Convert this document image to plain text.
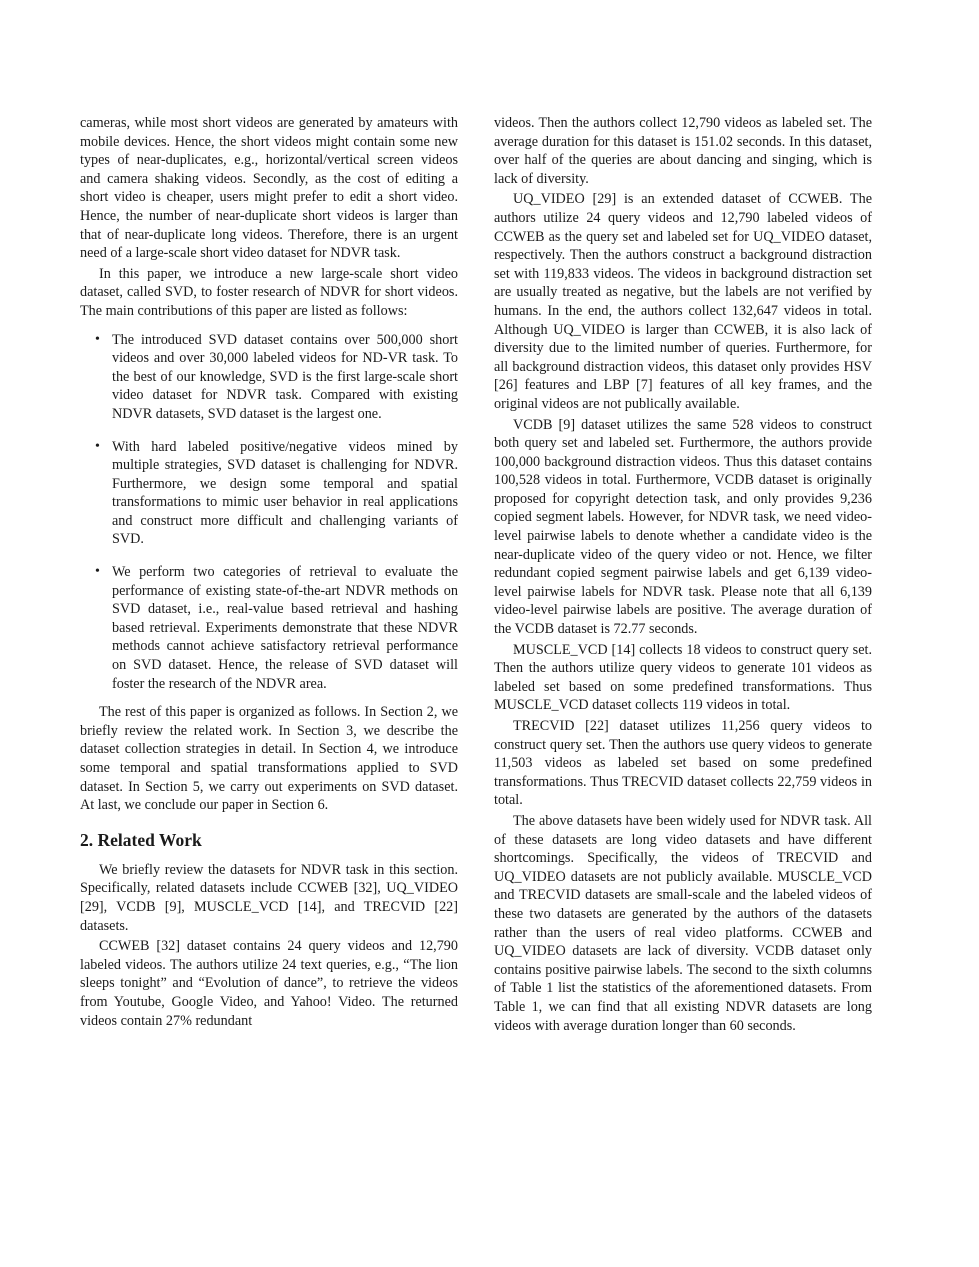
cameras, while most short videos are generated by amateurs with mobile devices. Hence, the short videos might contain some new types of near-duplicates, e.g., horizontal/vertical screen videos and camera shaking videos. Secondly, as the cost of editing a short video is cheaper, users might prefer to edit a short video. Hence, the number of near-duplicate short videos is larger than that of near-duplicate long videos. Therefore, there is an urgent need of a large-scale short video dataset for NDVR task.

In this paper, we introduce a new large-scale short video dataset, called SVD, to foster research of NDVR for short videos. The main contributions of this paper are listed as follows:

• The introduced SVD dataset contains over 500,000 short videos and over 30,000 labeled videos for ND-VR task. To the best of our knowledge, SVD is the first large-scale short video dataset for NDVR task. Compared with existing NDVR datasets, SVD dataset is the largest one.
• With hard labeled positive/negative videos mined by multiple strategies, SVD dataset is challenging for NDVR. Furthermore, we design some temporal and spatial transformations to mimic user behavior in real applications and construct more difficult and challenging variants of SVD.
• We perform two categories of retrieval to evaluate the performance of existing state-of-the-art NDVR methods on SVD dataset, i.e., real-value based retrieval and hashing based retrieval. Experiments demonstrate that these NDVR methods cannot achieve satisfactory retrieval performance on SVD dataset. Hence, the release of SVD dataset will foster the research of the NDVR area.

The rest of this paper is organized as follows. In Section 2, we briefly review the related work. In Section 3, we describe the dataset collection strategies in detail. In Section 4, we introduce some temporal and spatial transformations applied to SVD dataset. In Section 5, we carry out experiments on SVD dataset. At last, we conclude our paper in Section 6.

2. Related Work

We briefly review the datasets for NDVR task in this section. Specifically, related datasets include CCWEB [32], UQ_VIDEO [29], VCDB [9], MUSCLE_VCD [14], and TRECVID [22] datasets.

CCWEB [32] dataset contains 24 query videos and 12,790 labeled videos. The authors utilize 24 text queries, e.g., “The lion sleeps tonight” and “Evolution of dance”, to retrieve the videos from Youtube, Google Video, and Yahoo! Video. The returned videos contain 27% redundant

videos. Then the authors collect 12,790 videos as labeled set. The average duration for this dataset is 151.02 seconds. In this dataset, over half of the queries are about dancing and singing, which is lack of diversity.

UQ_VIDEO [29] is an extended dataset of CCWEB. The authors utilize 24 query videos and 12,790 labeled videos of CCWEB as the query set and labeled set for UQ_VIDEO dataset, respectively. Then the authors construct a background distraction set with 119,833 videos. The videos in background distraction set are usually treated as negative, but the labels are not verified by humans. In the end, the authors collect 132,647 videos in total. Although UQ_VIDEO is larger than CCWEB, it is also lack of diversity due to the limited number of queries. Furthermore, for all background distraction videos, this dataset only provides HSV [26] features and LBP [7] features of all key frames, and the original videos are not publically available.

VCDB [9] dataset utilizes the same 528 videos to construct both query set and labeled set. Furthermore, the authors provide 100,000 background distraction videos. Thus this dataset contains 100,528 videos in total. Furthermore, VCDB dataset is originally proposed for copyright detection task, and only provides 9,236 copied segment labels. However, for NDVR task, we need video-level pairwise labels to denote whether a candidate video is the near-duplicate video of the query video or not. Hence, we filter redundant copied segment pairwise labels and get 6,139 video-level pairwise labels for NDVR task. Please note that all 6,139 video-level pairwise labels are positive. The average duration of the VCDB dataset is 72.77 seconds.

MUSCLE_VCD [14] collects 18 videos to construct query set. Then the authors utilize query videos to generate 101 videos as labeled set based on some predefined transformations. Thus MUSCLE_VCD dataset collects 119 videos in total.

TRECVID [22] dataset utilizes 11,256 query videos to construct query set. Then the authors use query videos to generate 11,503 videos as labeled set based on some predefined transformations. Thus TRECVID dataset collects 22,759 videos in total.

The above datasets have been widely used for NDVR task. All of these datasets are long video datasets and have different shortcomings. Specifically, the videos of TRECVID and UQ_VIDEO datasets are not publicly available. MUSCLE_VCD and TRECVID datasets are small-scale and the labeled videos of these two datasets are generated by the authors of the datasets rather than the users of real video platforms. CCWEB and UQ_VIDEO datasets are lack of diversity. VCDB dataset only contains positive pairwise labels. The second to the sixth columns of Table 1 list the statistics of the aforementioned datasets. From Table 1, we can find that all existing NDVR datasets are long videos with average duration longer than 60 seconds.
